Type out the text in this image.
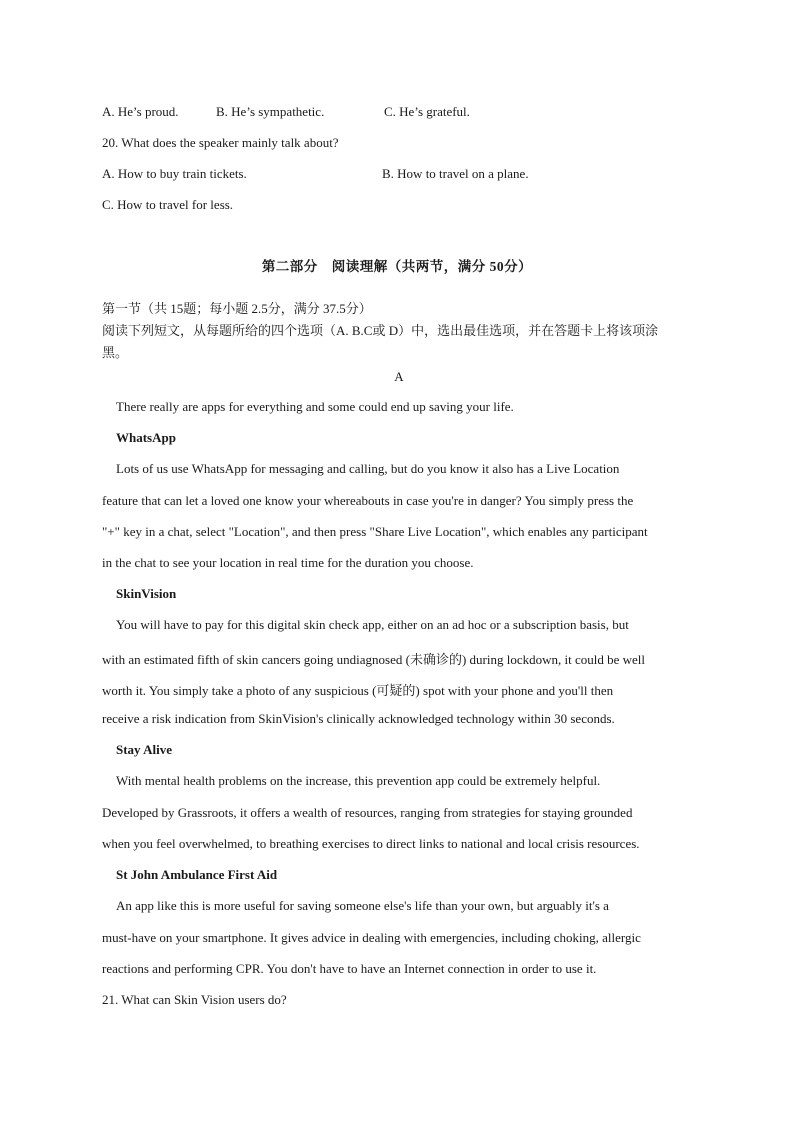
A. He’s proud.	B. He’s sympathetic.	C. He’s grateful.
20. What does the speaker mainly talk about?
A. How to buy train tickets.	B. How to travel on a plane.
C. How to travel for less.
第二部分　阅读理解（共两节，满分 50分）
第一节（共 15题；每小题 2.5分，满分 37.5分）
阅读下列短文，从每题所给的四个选项（A. B.C或 D）中，选出最佳选项，并在答题卡上将该项涂
黑。
A
There really are apps for everything and some could end up saving your life.
WhatsApp
Lots of us use WhatsApp for messaging and calling, but do you know it also has a Live Location
feature that can let a loved one know your whereabouts in case you're in danger? You simply press the
"+" key in a chat, select "Location", and then press "Share Live Location", which enables any participant
in the chat to see your location in real time for the duration you choose.
SkinVision
You will have to pay for this digital skin check app, either on an ad hoc or a subscription basis, but
with an estimated fifth of skin cancers going undiagnosed (未确诊的) during lockdown, it could be well
worth it. You simply take a photo of any suspicious (可疑的) spot with your phone and you'll then
receive a risk indication from SkinVision's clinically acknowledged technology within 30 seconds.
Stay Alive
With mental health problems on the increase, this prevention app could be extremely helpful.
Developed by Grassroots, it offers a wealth of resources, ranging from strategies for staying grounded
when you feel overwhelmed, to breathing exercises to direct links to national and local crisis resources.
St John Ambulance First Aid
An app like this is more useful for saving someone else's life than your own, but arguably it's a
must-have on your smartphone. It gives advice in dealing with emergencies, including choking, allergic
reactions and performing CPR. You don't have to have an Internet connection in order to use it.
21. What can Skin Vision users do?
